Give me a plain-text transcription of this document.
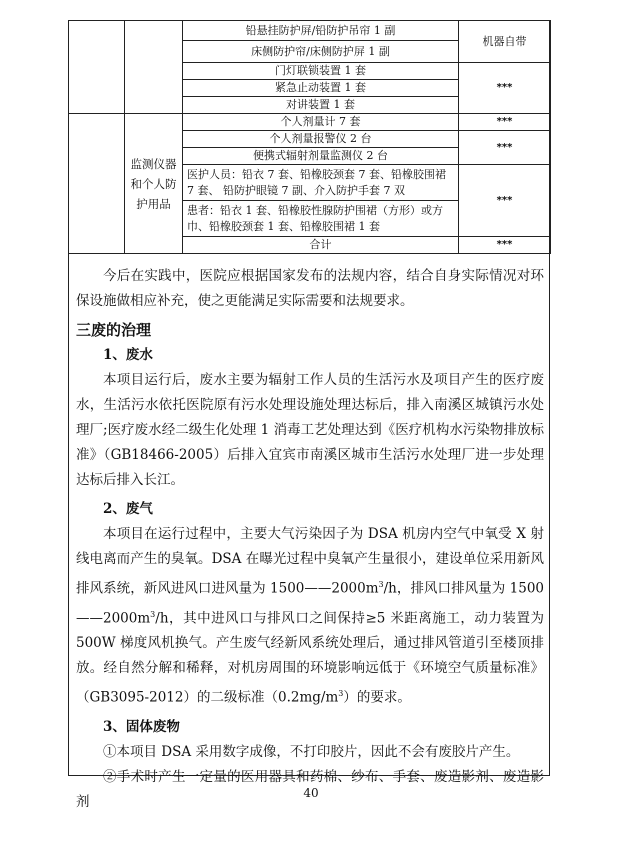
		铅悬挂防护屏/铅防护吊帘 1 副	机器自带
		床侧防护帘/床侧防护屏 1 副	
		门灯联锁装置 1 套	***
		紧急止动装置 1 套	
		对讲装置 1 套	
	监测仪器和个人防护用品	个人剂量计 7 套	***
		个人剂量报警仪 2 台	***
		便携式辐射剂量监测仪 2 台	
		医护人员：铅衣 7 套、铅橡胶颈套 7 套、铅橡胶围裙 7 套、 铅防护眼镜 7 副、介入防护手套 7 双	***
		患者：铅衣 1 套、铅橡胶性腺防护围裙（方形）或方巾、铅橡胶颈套 1 套、铅橡胶围裙 1 套	
		合计	***

今后在实践中，医院应根据国家发布的法规内容，结合自身实际情况对环保设施做相应补充，使之更能满足实际需要和法规要求。

三废的治理

1、废水

本项目运行后，废水主要为辐射工作人员的生活污水及项目产生的医疗废水，生活污水依托医院原有污水处理设施处理达标后，排入南溪区城镇污水处理厂;医疗废水经二级生化处理 1 消毒工艺处理达到《医疗机构水污染物排放标准》（GB18466-2005）后排入宜宾市南溪区城市生活污水处理厂进一步处理达标后排入长江。

2、废气

本项目在运行过程中，主要大气污染因子为 DSA 机房内空气中氧受 X 射线电离而产生的臭氧。DSA 在曝光过程中臭氧产生量很小，建设单位采用新风排风系统，新风进风口进风量为 $1500——2000m^3/h$，排风口排风量为 $1500——2000m^3/h$，其中进风口与排风口之间保持≥5 米距离施工，动力装置为 500W 梯度风机换气。产生废气经新风系统处理后，通过排风管道引至楼顶排放。经自然分解和稀释，对机房周围的环境影响远低于《环境空气质量标准》（GB3095-2012）的二级标准$(0.2mg/m^3)$的要求。

3、固体废物

①本项目 DSA 采用数字成像，不打印胶片，因此不会有废胶片产生。

②手术时产生一定量的医用器具和药棉、纱布、手套、废造影剂、废造影剂

40
